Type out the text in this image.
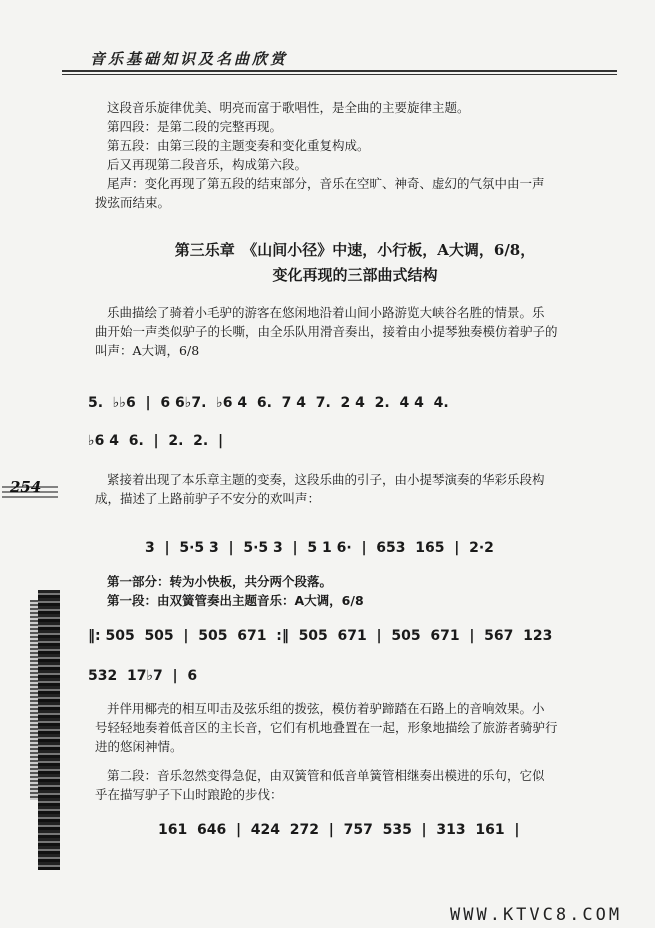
音乐基础知识及名曲欣赏
这段音乐旋律优美、明亮而富于歌唱性，是全曲的主要旋律主题。
第四段：是第二段的完整再现。
第五段：由第三段的主题变奏和变化重复构成。
后又再现第二段音乐，构成第六段。
尾声：变化再现了第五段的结束部分，音乐在空旷、神奇、虚幻的气氛中由一声
拨弦而结束。
第三乐章　《山间小径》中速，小行板，A大调，6/8，
变化再现的三部曲式结构
乐曲描绘了骑着小毛驴的游客在悠闲地沿着山间小路游览大峡谷名胜的情景。乐
曲开始一声类似驴子的长嘶，由全乐队用滑音奏出，接着由小提琴独奏模仿着驴子的
叫声：A大调，6/8
5.  ♭♭6  |  6 6♭7.  ♭6 4  6.  7 4  7.  2 4  2.  4 4  4.
♭6 4  6.  |  2.  2.  |
254	紧接着出现了本乐章主题的变奏，这段乐曲的引子，由小提琴演奏的华彩乐段构
成，描述了上路前驴子不安分的欢叫声：
3  |  5·5 3  |  5·5 3  |  5 1 6·  |  653  165  |  2·2
第一部分：转为小快板，共分两个段落。
第一段：由双簧管奏出主题音乐：A大调，6/8
‖: 505  505  |  505  671  :‖  505  671  |  505  671  |  567  123
532  17♭7  |  6
并伴用椰壳的相互叩击及弦乐组的拨弦，模仿着驴蹄踏在石路上的音响效果。小
号轻轻地奏着低音区的主长音，它们有机地叠置在一起，形象地描绘了旅游者骑驴行
进的悠闲神情。
第二段：音乐忽然变得急促，由双簧管和低音单簧管相继奏出模进的乐句，它似
乎在描写驴子下山时踉跄的步伐：
161  646  |  424  272  |  757  535  |  313  161  |
WWW.KTVC8.COM
